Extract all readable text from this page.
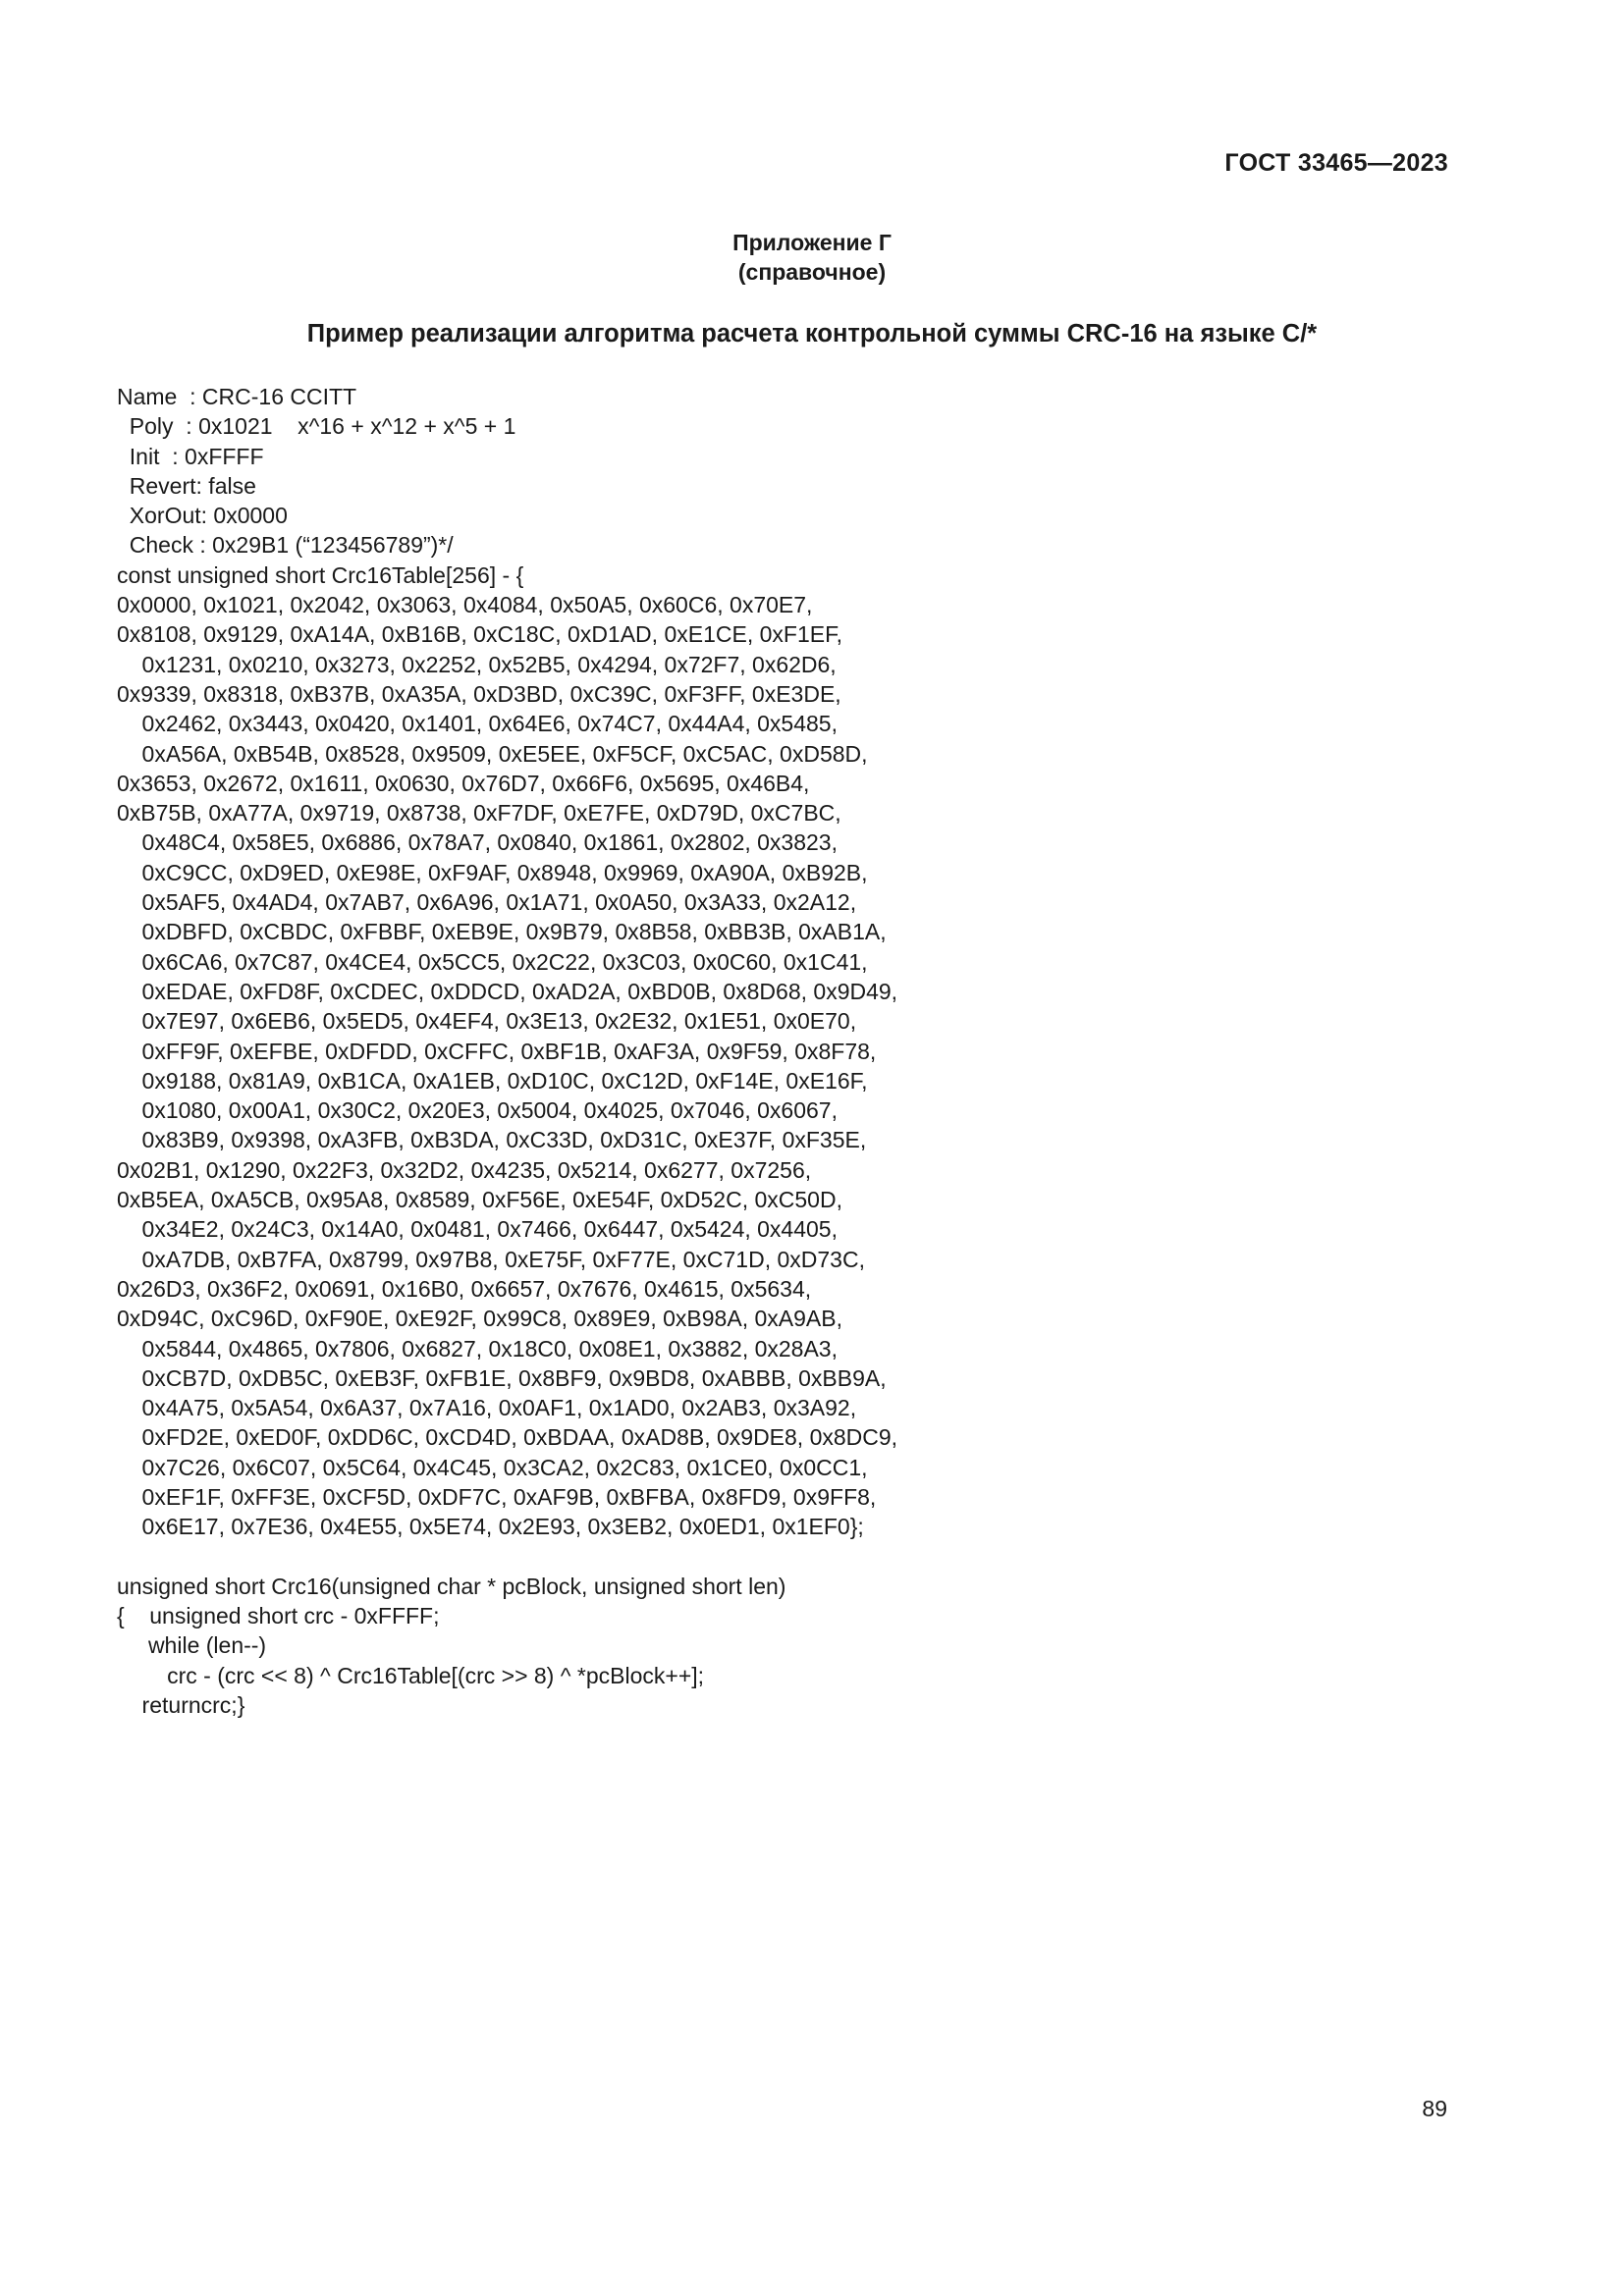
ГОСТ 33465—2023
Приложение Г
(справочное)
Пример реализации алгоритма расчета контрольной суммы CRC-16 на языке C/*
Name  : CRC-16 CCITT
Poly  : 0x1021    x^16 + x^12 + x^5 + 1
Init  : 0xFFFF
Revert: false
XorOut: 0x0000
Check : 0x29B1 (“123456789”)*/
const unsigned short Crc16Table[256] - {
0x0000, 0x1021, 0x2042, 0x3063, 0x4084, 0x50A5, 0x60C6, 0x70E7,
0x8108, 0x9129, 0xA14A, 0xB16B, 0xC18C, 0xD1AD, 0xE1CE, 0xF1EF,
0x1231, 0x0210, 0x3273, 0x2252, 0x52B5, 0x4294, 0x72F7, 0x62D6,
0x9339, 0x8318, 0xB37B, 0xA35A, 0xD3BD, 0xC39C, 0xF3FF, 0xE3DE,
0x2462, 0x3443, 0x0420, 0x1401, 0x64E6, 0x74C7, 0x44A4, 0x5485,
0xA56A, 0xB54B, 0x8528, 0x9509, 0xE5EE, 0xF5CF, 0xC5AC, 0xD58D,
0x3653, 0x2672, 0x1611, 0x0630, 0x76D7, 0x66F6, 0x5695, 0x46B4,
0xB75B, 0xA77A, 0x9719, 0x8738, 0xF7DF, 0xE7FE, 0xD79D, 0xC7BC,
0x48C4, 0x58E5, 0x6886, 0x78A7, 0x0840, 0x1861, 0x2802, 0x3823,
0xC9CC, 0xD9ED, 0xE98E, 0xF9AF, 0x8948, 0x9969, 0xA90A, 0xB92B,
0x5AF5, 0x4AD4, 0x7AB7, 0x6A96, 0x1A71, 0x0A50, 0x3A33, 0x2A12,
0xDBFD, 0xCBDC, 0xFBBF, 0xEB9E, 0x9B79, 0x8B58, 0xBB3B, 0xAB1A,
0x6CA6, 0x7C87, 0x4CE4, 0x5CC5, 0x2C22, 0x3C03, 0x0C60, 0x1C41,
0xEDAE, 0xFD8F, 0xCDEC, 0xDDCD, 0xAD2A, 0xBD0B, 0x8D68, 0x9D49,
0x7E97, 0x6EB6, 0x5ED5, 0x4EF4, 0x3E13, 0x2E32, 0x1E51, 0x0E70,
0xFF9F, 0xEFBE, 0xDFDD, 0xCFFC, 0xBF1B, 0xAF3A, 0x9F59, 0x8F78,
0x9188, 0x81A9, 0xB1CA, 0xA1EB, 0xD10C, 0xC12D, 0xF14E, 0xE16F,
0x1080, 0x00A1, 0x30C2, 0x20E3, 0x5004, 0x4025, 0x7046, 0x6067,
0x83B9, 0x9398, 0xA3FB, 0xB3DA, 0xC33D, 0xD31C, 0xE37F, 0xF35E,
0x02B1, 0x1290, 0x22F3, 0x32D2, 0x4235, 0x5214, 0x6277, 0x7256,
0xB5EA, 0xA5CB, 0x95A8, 0x8589, 0xF56E, 0xE54F, 0xD52C, 0xC50D,
0x34E2, 0x24C3, 0x14A0, 0x0481, 0x7466, 0x6447, 0x5424, 0x4405,
0xA7DB, 0xB7FA, 0x8799, 0x97B8, 0xE75F, 0xF77E, 0xC71D, 0xD73C,
0x26D3, 0x36F2, 0x0691, 0x16B0, 0x6657, 0x7676, 0x4615, 0x5634,
0xD94C, 0xC96D, 0xF90E, 0xE92F, 0x99C8, 0x89E9, 0xB98A, 0xA9AB,
0x5844, 0x4865, 0x7806, 0x6827, 0x18C0, 0x08E1, 0x3882, 0x28A3,
0xCB7D, 0xDB5C, 0xEB3F, 0xFB1E, 0x8BF9, 0x9BD8, 0xABBB, 0xBB9A,
0x4A75, 0x5A54, 0x6A37, 0x7A16, 0x0AF1, 0x1AD0, 0x2AB3, 0x3A92,
0xFD2E, 0xED0F, 0xDD6C, 0xCD4D, 0xBDAA, 0xAD8B, 0x9DE8, 0x8DC9,
0x7C26, 0x6C07, 0x5C64, 0x4C45, 0x3CA2, 0x2C83, 0x1CE0, 0x0CC1,
0xEF1F, 0xFF3E, 0xCF5D, 0xDF7C, 0xAF9B, 0xBFBA, 0x8FD9, 0x9FF8,
0x6E17, 0x7E36, 0x4E55, 0x5E74, 0x2E93, 0x3EB2, 0x0ED1, 0x1EF0};
unsigned short Crc16(unsigned char * pcBlock, unsigned short len)
{    unsigned short crc - 0xFFFF;
while (len--)
crc - (crc << 8) ^ Crc16Table[(crc >> 8) ^ *pcBlock++];
returncrc;}
89
